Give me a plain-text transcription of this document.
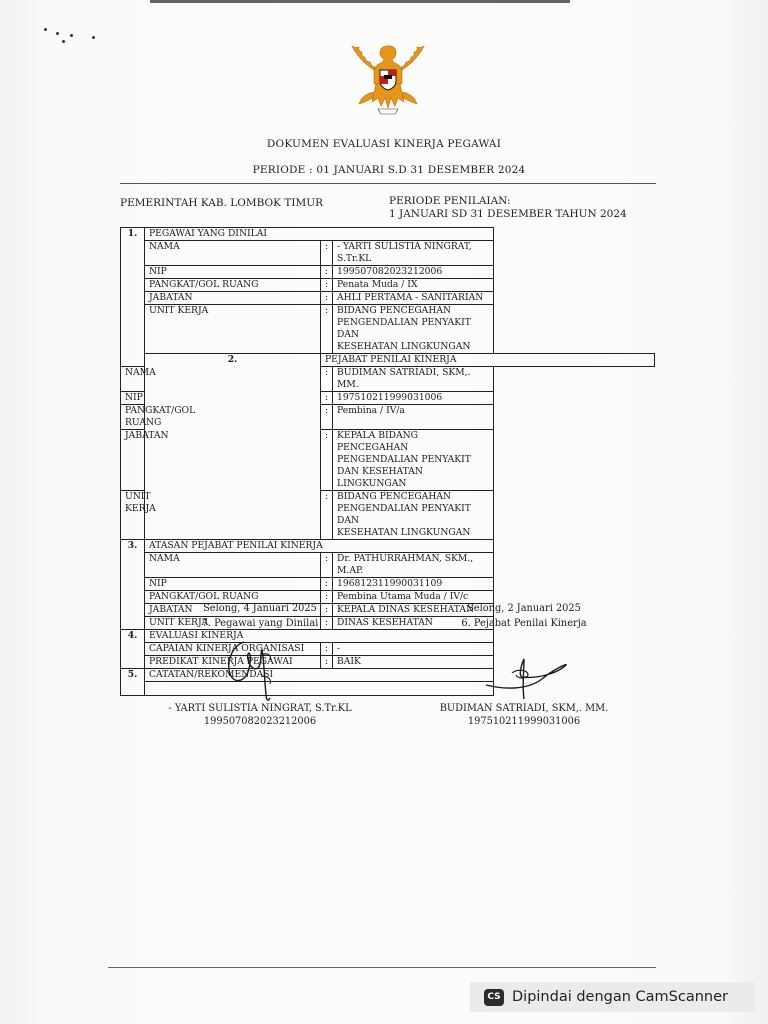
DOKUMEN EVALUASI KINERJA PEGAWAI
PERIODE : 01 JANUARI S.D 31 DESEMBER 2024
PEMERINTAH KAB. LOMBOK TIMUR	PERIODE PENILAIAN:
1 JANUARI SD 31 DESEMBER TAHUN 2024
1.	PEGAWAI YANG DINILAI		
	NAMA	:	- YARTI SULISTIA NINGRAT, S.Tr.KL
	NIP	:	199507082023212006
	PANGKAT/GOL RUANG	:	Penata Muda / IX
	JABATAN	:	AHLI PERTAMA - SANITARIAN
	UNIT KERJA	:	BIDANG PENCEGAHAN PENGENDALIAN PENYAKIT DAN
KESEHATAN LINGKUNGAN

	2.	PEJABAT PENILAI KINERJA	
NAMA		:	BUDIMAN SATRIADI, SKM,. MM.
NIP		:	197510211999031006
PANGKAT/GOL RUANG		:	Pembina / IV/a
JABATAN		:	KEPALA BIDANG PENCEGAHAN PENGENDALIAN PENYAKIT
DAN KESEHATAN LINGKUNGAN

UNIT KERJA		:	BIDANG PENCEGAHAN PENGENDALIAN PENYAKIT DAN
KESEHATAN LINGKUNGAN

3.	ATASAN PEJABAT PENILAI KINERJA		
	NAMA	:	Dr. PATHURRAHMAN, SKM., M.AP.
	NIP	:	196812311990031109
	PANGKAT/GOL RUANG	:	Pembina Utama Muda / IV/c
	JABATAN	:	KEPALA DINAS KESEHATAN
	UNIT KERJA	:	DINAS KESEHATAN
4.	EVALUASI KINERJA		
	CAPAIAN KINERJA ORGANISASI	:	-
	PREDIKAT KINERJA PEGAWAI	:	BAIK
5.	CATATAN/REKOMENDASI		

Selong, 4 Januari 2025
7. Pegawai yang Dinilai
- YARTI SULISTIA NINGRAT, S.Tr.KL
199507082023212006
Selong, 2 Januari 2025
6. Pejabat Penilai Kinerja
BUDIMAN SATRIADI, SKM,. MM.
197510211999031006
CS Dipindai dengan CamScanner
